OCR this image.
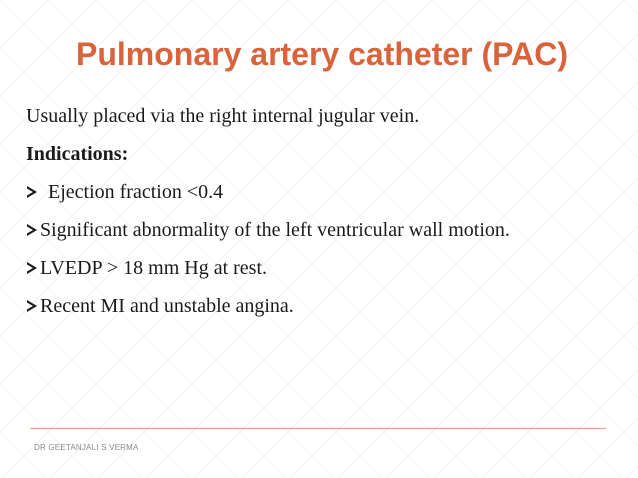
Pulmonary artery catheter (PAC)
Usually placed via the right internal jugular vein.
Indications:
Ejection fraction <0.4
Significant abnormality of the left ventricular wall motion.
LVEDP > 18 mm Hg at rest.
Recent MI and unstable angina.
DR GEETANJALI S VERMA
